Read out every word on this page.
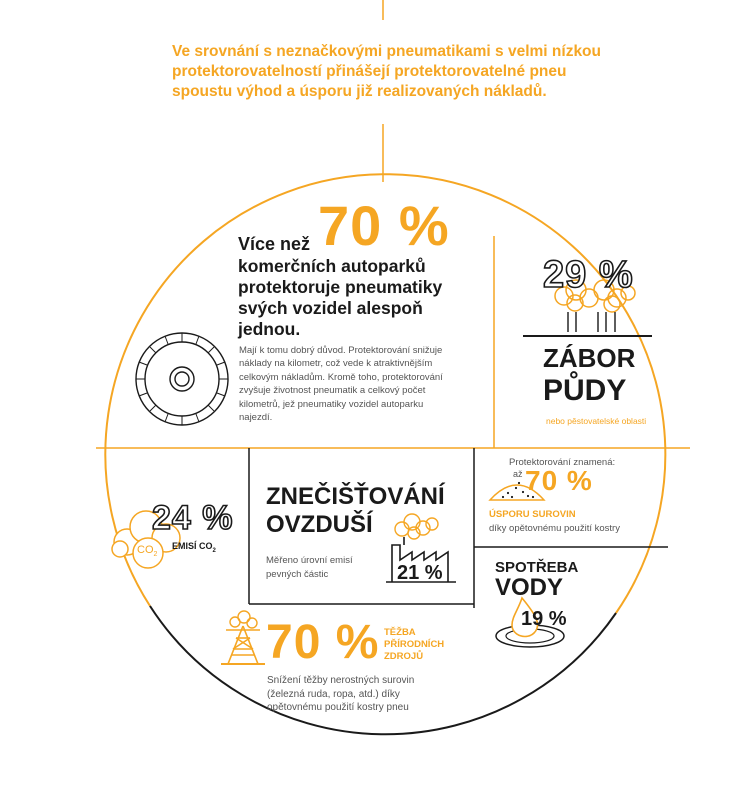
Ve srovnání s neznačkovými pneumatikami s velmi nízkou
protektorovatelností přinášejí protektorovatelné pneu
spoustu výhod a úsporu již realizovaných nákladů.
Více než 70 %
komerčních autoparků
protektoruje pneumatiky
svých vozidel alespoň
jednou.
Mají k tomu dobrý důvod. Protektorování snižuje
náklady na kilometr, což vede k atraktivnějším
celkovým nákladům. Kromě toho, protektorování
zvyšuje životnost pneumatik a celkový počet
kilometrů, jež pneumatiky vozidel autoparku
najezdí.
29 %
ZÁBOR
PŮDY
nebo pěstovatelské oblasti
24 %
EMISÍ $CO_2$
$CO_2$
ZNEČIŠŤOVÁNÍ
OVZDUŠÍ
Měřeno úrovní emisí
pevných částic	21 %
Protektorování znamená:
až 70 %
ÚSPORU SUROVIN
díky opětovnému použití kostry
SPOTŘEBA
VODY
19 %
70 % TĚŽBA
PŘÍRODNÍCH
ZDROJŮ
Snížení těžby nerostných surovin
(železná ruda, ropa, atd.) díky
opětovnému použití kostry pneu
